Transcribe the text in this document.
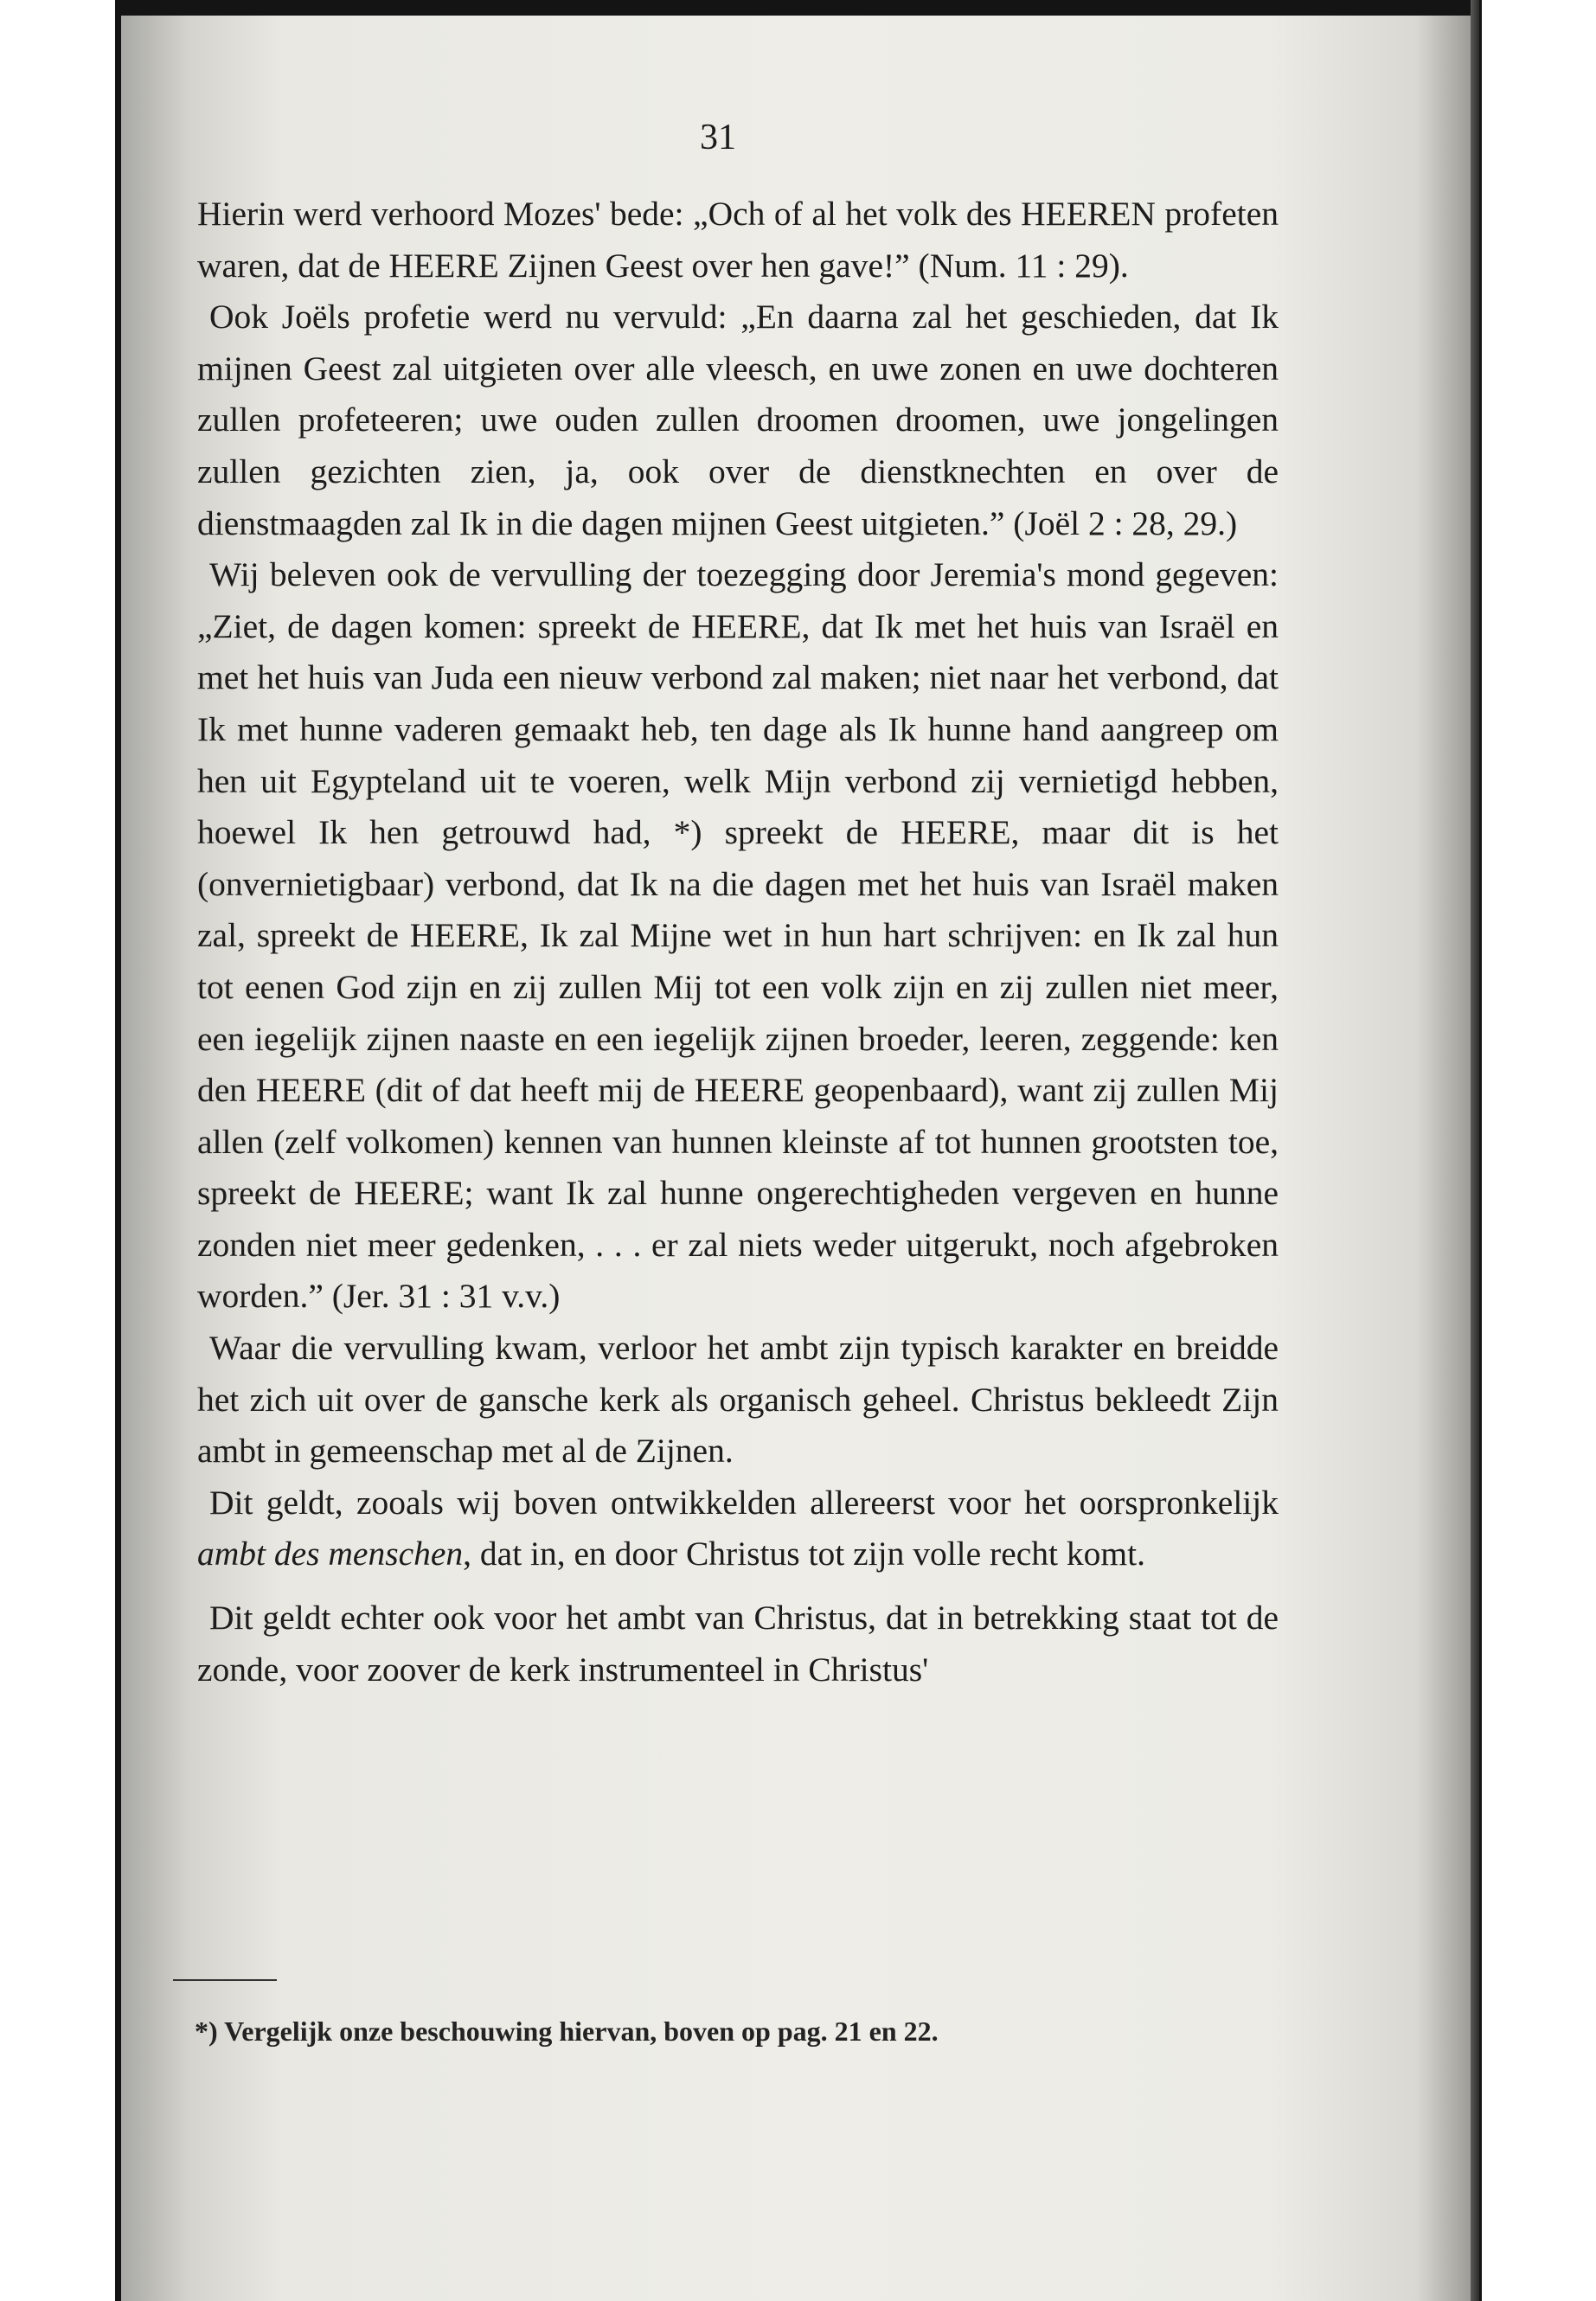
31

Hierin werd verhoord Mozes' bede: „Och of al het volk des HEEREN profeten waren, dat de HEERE Zijnen Geest over hen gave!” (Num. 11 : 29).

Ook Joëls profetie werd nu vervuld: „En daarna zal het geschieden, dat Ik mijnen Geest zal uitgieten over alle vleesch, en uwe zonen en uwe dochteren zullen profeteeren; uwe ouden zullen droomen droomen, uwe jongelingen zullen gezichten zien, ja, ook over de dienstknechten en over de dienstmaagden zal Ik in die dagen mijnen Geest uitgieten.” (Joël 2 : 28, 29.)

Wij beleven ook de vervulling der toezegging door Jeremia's mond gegeven: „Ziet, de dagen komen: spreekt de HEERE, dat Ik met het huis van Israël en met het huis van Juda een nieuw verbond zal maken; niet naar het verbond, dat Ik met hunne vaderen gemaakt heb, ten dage als Ik hunne hand aangreep om hen uit Egypteland uit te voeren, welk Mijn verbond zij vernietigd hebben, hoewel Ik hen getrouwd had, *) spreekt de HEERE, maar dit is het (onvernietigbaar) verbond, dat Ik na die dagen met het huis van Israël maken zal, spreekt de HEERE, Ik zal Mijne wet in hun hart schrijven: en Ik zal hun tot eenen God zijn en zij zullen Mij tot een volk zijn en zij zullen niet meer, een iegelijk zijnen naaste en een iegelijk zijnen broeder, leeren, zeggende: ken den HEERE (dit of dat heeft mij de HEERE geopenbaard), want zij zullen Mij allen (zelf volkomen) kennen van hunnen kleinste af tot hunnen grootsten toe, spreekt de HEERE; want Ik zal hunne ongerechtigheden vergeven en hunne zonden niet meer gedenken, . . . er zal niets weder uitgerukt, noch afgebroken worden.” (Jer. 31 : 31 v.v.)

Waar die vervulling kwam, verloor het ambt zijn typisch karakter en breidde het zich uit over de gansche kerk als organisch geheel. Christus bekleedt Zijn ambt in gemeenschap met al de Zijnen.

Dit geldt, zooals wij boven ontwikkelden allereerst voor het oorspronkelijk ambt des menschen, dat in, en door Christus tot zijn volle recht komt.

Dit geldt echter ook voor het ambt van Christus, dat in betrekking staat tot de zonde, voor zoover de kerk instrumenteel in Christus'

*) Vergelijk onze beschouwing hiervan, boven op pag. 21 en 22.
